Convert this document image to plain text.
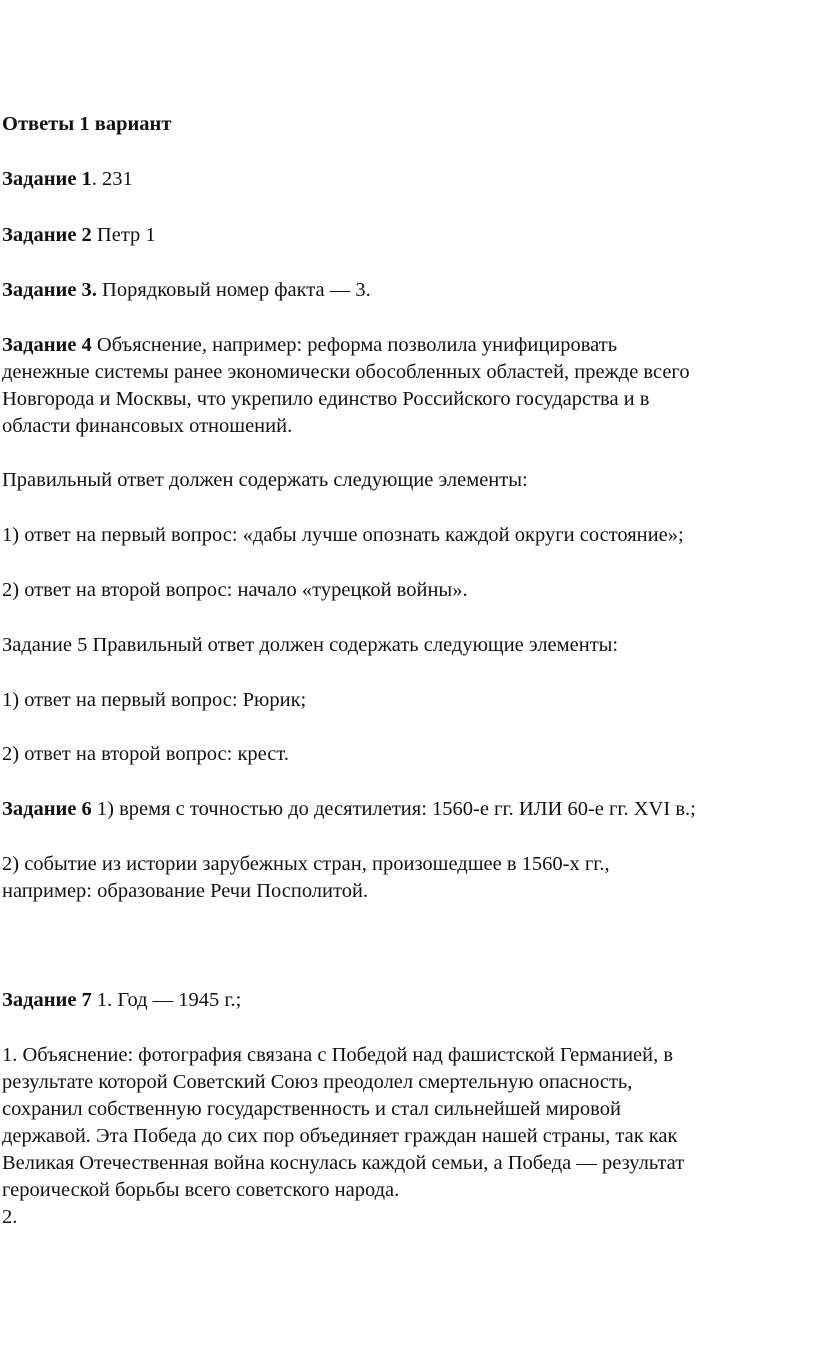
Ответы 1 вариант
Задание 1. 231
Задание 2 Петр 1
Задание 3. Порядковый номер факта — 3.
Задание 4 Объяснение, например: реформа позволила унифицировать
денежные системы ранее экономически обособленных областей, прежде всего
Новгорода и Москвы, что укрепило единство Российского государства и в
области финансовых отношений.
Правильный ответ должен содержать следующие элементы:
1) ответ на первый вопрос: «дабы лучше опознать каждой округи состояние»;
2) ответ на второй вопрос: начало «турецкой войны».
Задание 5 Правильный ответ должен содержать следующие элементы:
1) ответ на первый вопрос: Рюрик;
2) ответ на второй вопрос: крест.
Задание 6 1) время с точностью до десятилетия: 1560-е гг. ИЛИ 60-е гг. XVI в.;
2) событие из истории зарубежных стран, произошедшее в 1560-х гг.,
например: образование Речи Посполитой.
Задание 7 1. Год — 1945 г.;
1. Объяснение: фотография связана с Победой над фашистской Германией, в
результате которой Советский Союз преодолел смертельную опасность,
сохранил собственную государственность и стал сильнейшей мировой
державой. Эта Победа до сих пор объединяет граждан нашей страны, так как
Великая Отечественная война коснулась каждой семьи, а Победа — результат
героической борьбы всего советского народа.
2.
